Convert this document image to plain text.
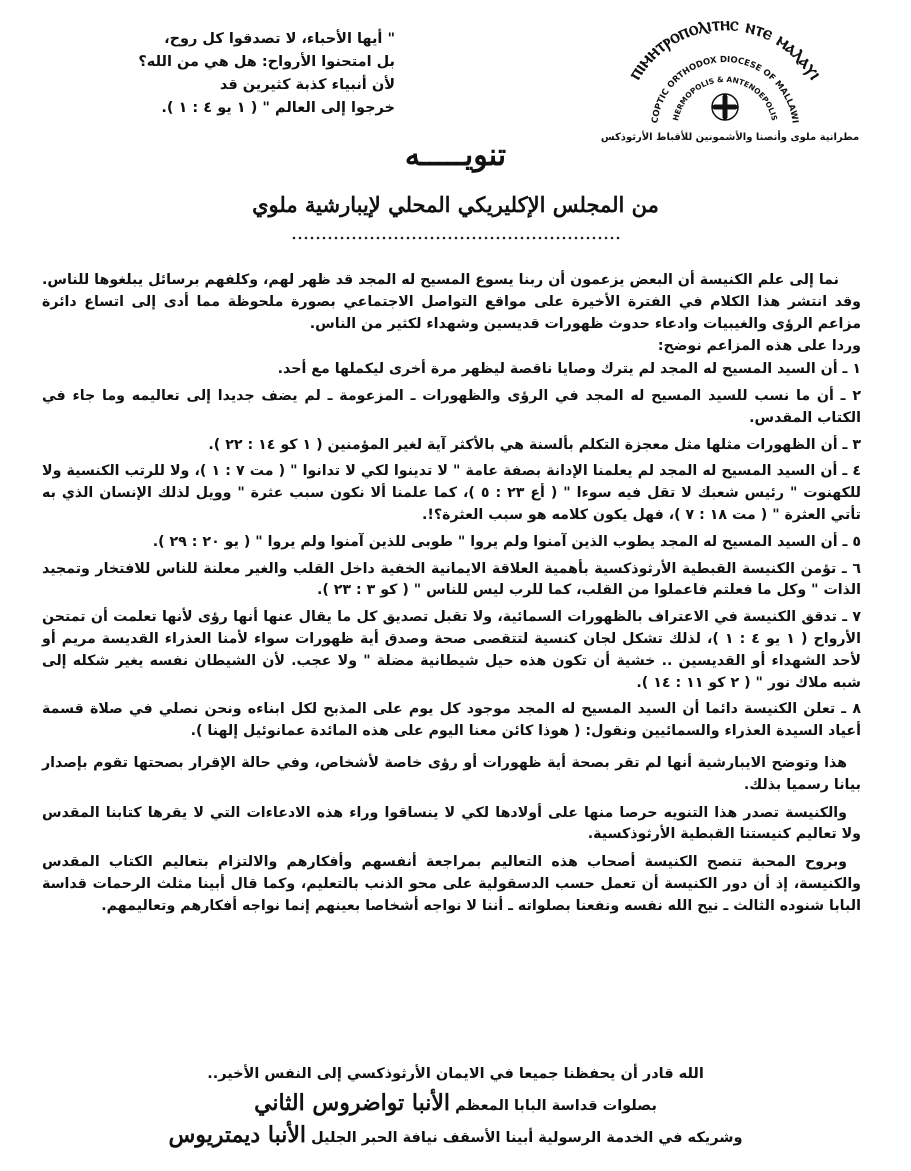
ⲡⲓⲙⲏⲧⲣⲟⲡⲟⲗⲓⲧⲏⲥ ⲛⲧⲉ ⲙⲁⲗⲁⲩⲓ
COPTIC ORTHODOX DIOCESE OF MALLAWI
HERMOPOLIS & ANTENOEPOLIS
مطرانية ملوى وأنصنا والأشمونين للأقباط الأرثوذكس

" أيها الأحباء، لا تصدقوا كل روح،

بل امتحنوا الأرواح: هل هي من الله؟

لأن أنبياء كذبة كثيرين قد

خرجوا إلى العالم " ( ١ يو ٤ : ١ ).

تنويـــــه
من المجلس الإكليريكي المحلي لإيبارشية ملوي

نما إلى علم الكنيسة أن البعض يزعمون أن ربنا يسوع المسيح له المجد قد ظهر لهم، وكلفهم برسائل يبلغوها للناس. وقد انتشر هذا الكلام في الفترة الأخيرة على مواقع التواصل الاجتماعي بصورة ملحوظة مما أدى إلى اتساع دائرة مزاعم الرؤى والغيبيات وادعاء حدوث ظهورات قديسين وشهداء لكثير من الناس.

وردا على هذه المزاعم نوضح:

١ ـ أن السيد المسيح له المجد لم يترك وصايا ناقصة ليظهر مرة أخرى ليكملها مع أحد.

٢ ـ أن ما نسب للسيد المسيح له المجد في الرؤى والظهورات ـ المزعومة ـ لم يضف جديدا إلى تعاليمه وما جاء في الكتاب المقدس.

٣ ـ أن الظهورات مثلها مثل معجزة التكلم بألسنة هي بالأكثر آية لغير المؤمنين ( ١ كو ١٤ : ٢٢ ).

٤ ـ أن السيد المسيح له المجد لم يعلمنا الإدانة بصفة عامة " لا تدينوا لكي لا تدانوا " ( مت ٧ : ١ )، ولا للرتب الكنسية ولا للكهنوت " رئيس شعبك لا تقل فيه سوءا " ( أع ٢٣ : ٥ )، كما علمنا ألا نكون سبب عثرة " وويل لذلك الإنسان الذي به تأتي العثرة " ( مت ١٨ : ٧ )، فهل يكون كلامه هو سبب العثرة؟!.

٥ ـ أن السيد المسيح له المجد يطوب الذين آمنوا ولم يروا " طوبى للذين آمنوا ولم يروا " ( يو ٢٠ : ٢٩ ).

٦ ـ تؤمن الكنيسة القبطية الأرثوذكسية بأهمية العلاقة الايمانية الخفية داخل القلب والغير معلنة للناس للافتخار وتمجيد الذات " وكل ما فعلتم فاعملوا من القلب، كما للرب ليس للناس " ( كو ٣ : ٢٣ ).

٧ ـ تدقق الكنيسة في الاعتراف بالظهورات السمائية، ولا تقبل تصديق كل ما يقال عنها أنها رؤى لأنها تعلمت أن تمتحن الأرواح ( ١ يو ٤ : ١ )، لذلك تشكل لجان كنسية لتتقصى صحة وصدق أية ظهورات سواء لأمنا العذراء القديسة مريم أو لأحد الشهداء أو القديسين .. خشية أن تكون هذه حيل شيطانية مضلة " ولا عجب. لأن الشيطان نفسه يغير شكله إلى شبه ملاك نور " ( ٢ كو ١١ : ١٤ ).

٨ ـ تعلن الكنيسة دائما أن السيد المسيح له المجد موجود كل يوم على المذبح لكل ابناءه ونحن نصلي في صلاة قسمة أعياد السيدة العذراء والسمائيين ونقول: ( هوذا كائن معنا اليوم على هذه المائدة عمانوئيل إلهنا ).

هذا وتوضح الايبارشية أنها لم تقر بصحة أية ظهورات أو رؤى خاصة لأشخاص، وفي حالة الإقرار بصحتها تقوم بإصدار بيانا رسميا بذلك.

والكنيسة تصدر هذا التنويه حرصا منها على أولادها لكي لا ينساقوا وراء هذه الادعاءات التي لا يقرها كتابنا المقدس ولا تعاليم كنيستنا القبطية الأرثوذكسية.

وبروح المحبة تنصح الكنيسة أصحاب هذه التعاليم بمراجعة أنفسهم وأفكارهم والالتزام بتعاليم الكتاب المقدس والكنيسة، إذ أن دور الكنيسة أن تعمل حسب الدسقولية على محو الذنب بالتعليم، وكما قال أبينا مثلث الرحمات قداسة البابا شنوده الثالث ـ نيح الله نفسه ونفعنا بصلواته ـ أننا لا نواجه أشخاصا بعينهم إنما نواجه أفكارهم وتعاليمهم.

الله قادر أن يحفظنا جميعا في الايمان الأرثوذكسي إلى النفس الأخير..
بصلوات قداسة البابا المعظم الأنبا تواضروس الثاني
وشريكه في الخدمة الرسولية أبينا الأسقف نيافة الحبر الجليل الأنبا ديمتريوس
